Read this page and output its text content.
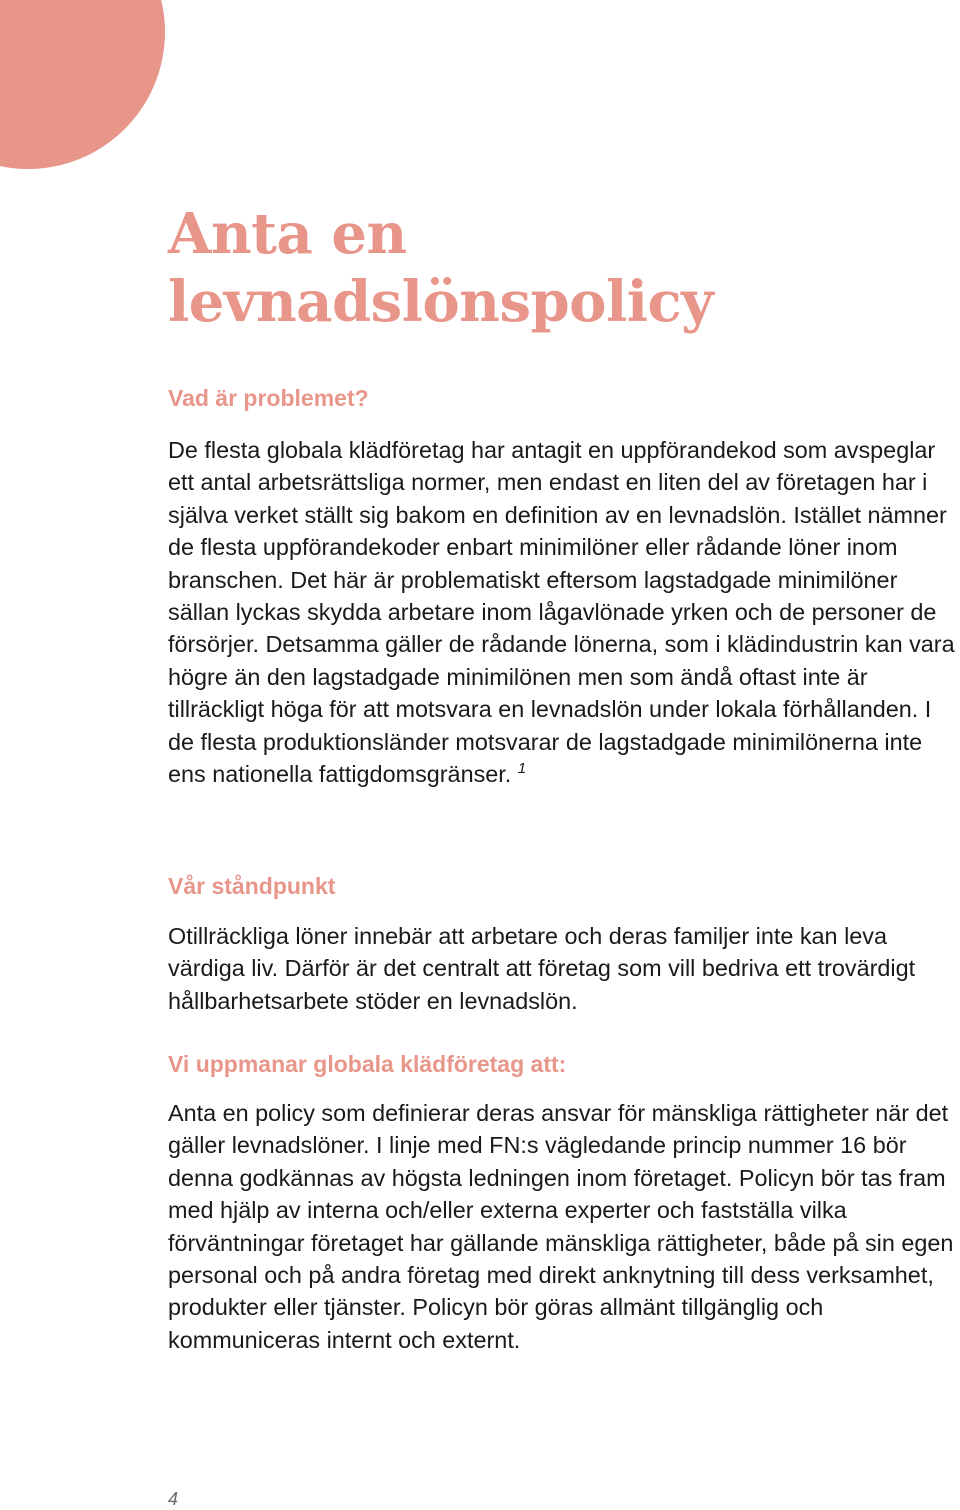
Anta en
levnadslönspolicy
Vad är problemet?

De flesta globala klädföretag har antagit en uppförandekod som avspeglar ett antal arbetsrättsliga normer, men endast en liten del av företagen har i själva verket ställt sig bakom en definition av en levnadslön. Istället nämner de flesta uppförandekoder enbart minimilöner eller rådande löner inom branschen. Det här är problematiskt eftersom lagstadgade minimilöner sällan lyckas skydda arbetare inom lågavlönade yrken och de personer de försörjer. Detsamma gäller de rådande lönerna, som i klädindustrin kan vara högre än den lagstadgade minimilönen men som ändå oftast inte är tillräckligt höga för att motsvara en levnadslön under lokala förhållanden. I de flesta produktionsländer motsvarar de lagstadgade minimilönerna inte ens nationella fattigdomsgränser. $^1$

Vår ståndpunkt

Otillräckliga löner innebär att arbetare och deras familjer inte kan leva värdiga liv. Därför är det centralt att företag som vill bedriva ett trovärdigt hållbarhetsarbete stöder en levnadslön.

Vi uppmanar globala klädföretag att:

Anta en policy som definierar deras ansvar för mänskliga rättigheter när det gäller levnadslöner. I linje med FN:s vägledande princip nummer 16 bör denna godkännas av högsta ledningen inom företaget. Policyn bör tas fram med hjälp av interna och/eller externa experter och fastställa vilka förväntningar företaget har gällande mänskliga rättigheter, både på sin egen personal och på andra företag med direkt anknytning till dess verksamhet, produkter eller tjänster. Policyn bör göras allmänt tillgänglig och kommuniceras internt och externt.

4
